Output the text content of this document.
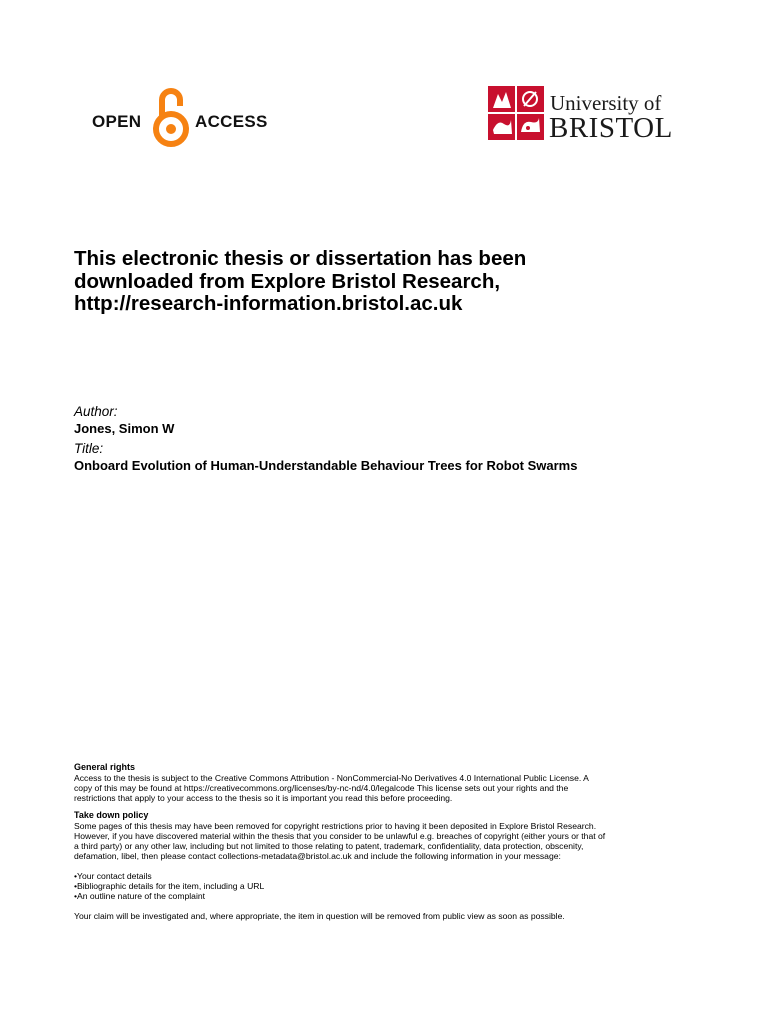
OPEN	ACCESS
University of
BRISTOL
This electronic thesis or dissertation has been
downloaded from Explore Bristol Research,
http://research-information.bristol.ac.uk
Author:
Jones, Simon W
Title:
Onboard Evolution of Human-Understandable Behaviour Trees for Robot Swarms
General rights
Access to the thesis is subject to the Creative Commons Attribution - NonCommercial-No Derivatives 4.0 International Public License. A
copy of this may be found at https://creativecommons.org/licenses/by-nc-nd/4.0/legalcode This license sets out your rights and the
restrictions that apply to your access to the thesis so it is important you read this before proceeding.
Take down policy
Some pages of this thesis may have been removed for copyright restrictions prior to having it been deposited in Explore Bristol Research.
However, if you have discovered material within the thesis that you consider to be unlawful e.g. breaches of copyright (either yours or that of
a third party) or any other law, including but not limited to those relating to patent, trademark, confidentiality, data protection, obscenity,
defamation, libel, then please contact collections-metadata@bristol.ac.uk and include the following information in your message:
•Your contact details
•Bibliographic details for the item, including a URL
•An outline nature of the complaint
Your claim will be investigated and, where appropriate, the item in question will be removed from public view as soon as possible.
